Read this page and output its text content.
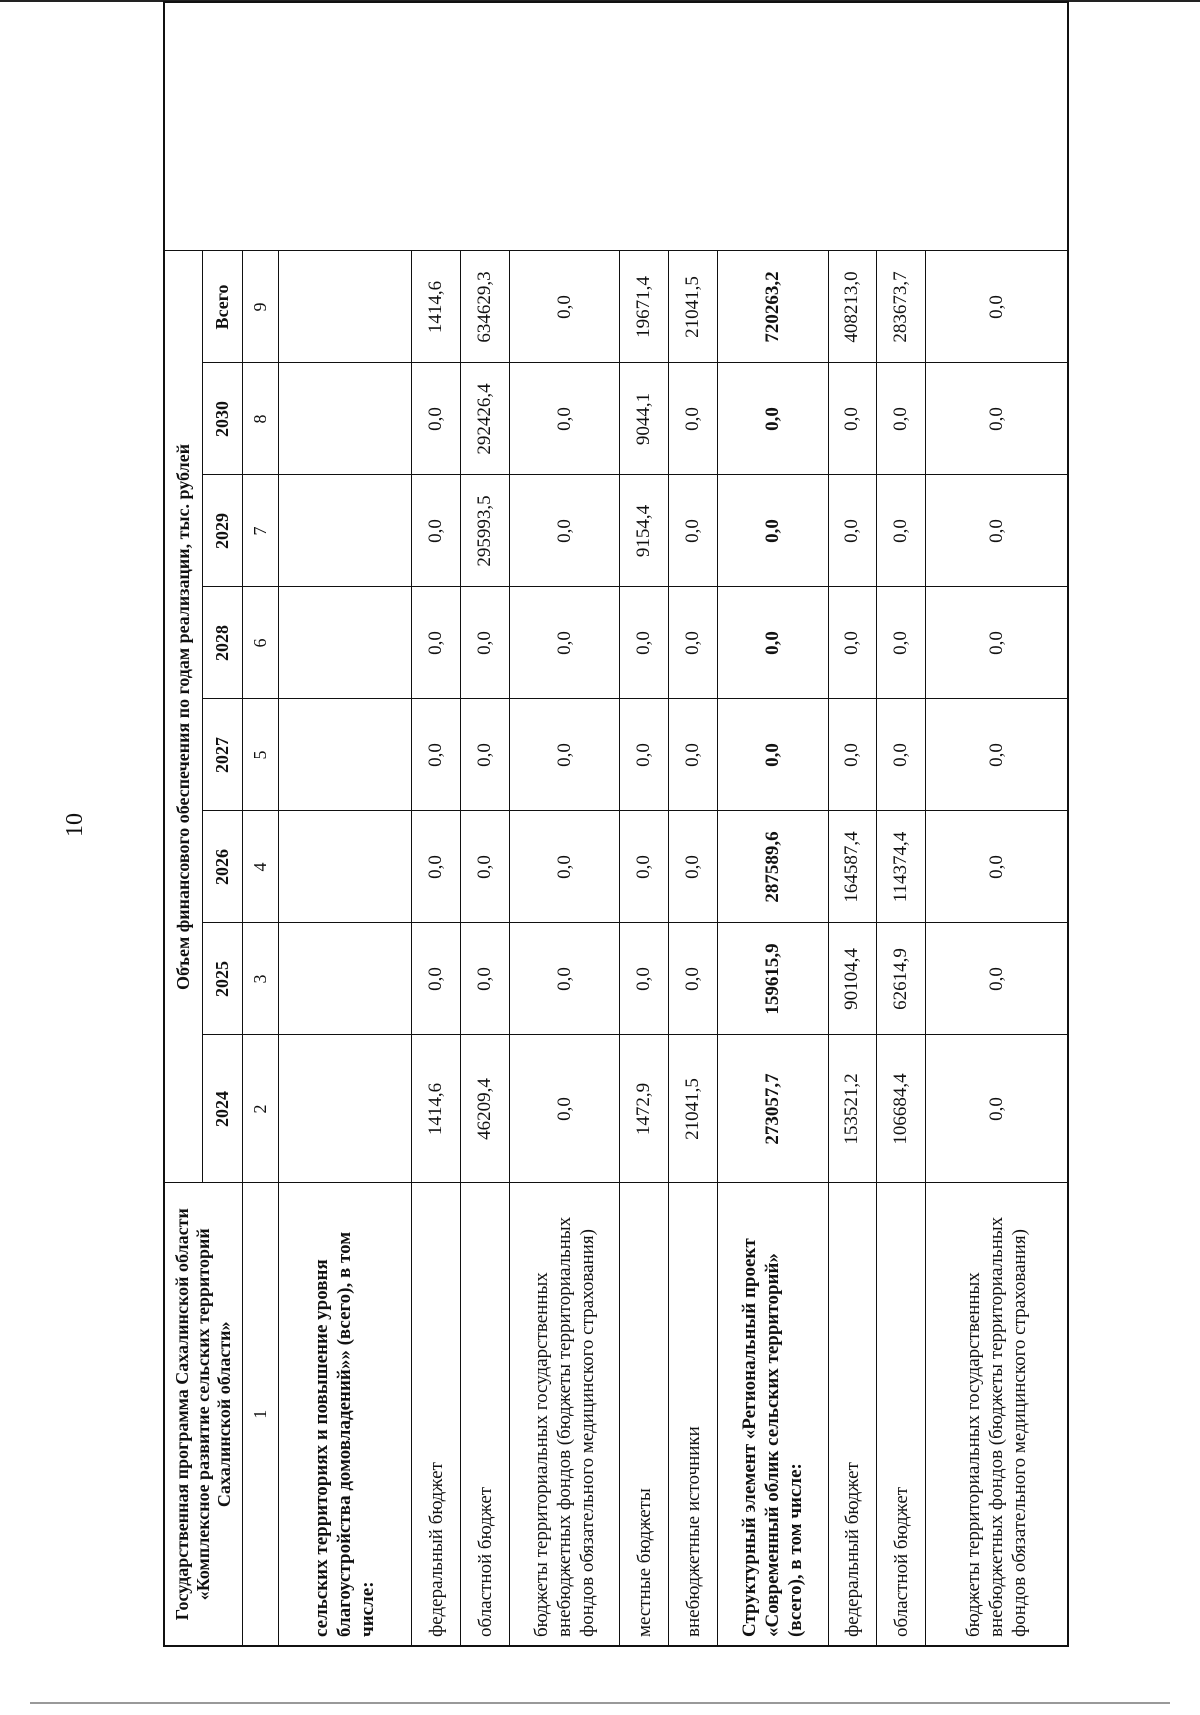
10
Государственная программа Сахалинской области «Комплексное развитие сельских территорий Сахалинской области»	Объем финансового обеспечения по годам реализации, тыс. рублей							
	2024	2025	2026	2027	2028	2029	2030	Всего
1	2	3	4	5	6	7	8	9
сельских территориях и повышение уровня благоустройства домовладений»» (всего), в том числе:								
федеральный бюджет	1414,6	0,0	0,0	0,0	0,0	0,0	0,0	1414,6
областной бюджет	46209,4	0,0	0,0	0,0	0,0	295993,5	292426,4	634629,3
бюджеты территориальных государственных внебюджетных фондов (бюджеты территориальных фондов обязательного медицинского страхования)	0,0	0,0	0,0	0,0	0,0	0,0	0,0	0,0
местные бюджеты	1472,9	0,0	0,0	0,0	0,0	9154,4	9044,1	19671,4
внебюджетные источники	21041,5	0,0	0,0	0,0	0,0	0,0	0,0	21041,5
Структурный элемент «Региональный проект «Современный облик сельских территорий» (всего), в том числе:	273057,7	159615,9	287589,6	0,0	0,0	0,0	0,0	720263,2
федеральный бюджет	153521,2	90104,4	164587,4	0,0	0,0	0,0	0,0	408213,0
областной бюджет	106684,4	62614,9	114374,4	0,0	0,0	0,0	0,0	283673,7
бюджеты территориальных государственных внебюджетных фондов (бюджеты территориальных фондов обязательного медицинского страхования)	0,0	0,0	0,0	0,0	0,0	0,0	0,0	0,0
